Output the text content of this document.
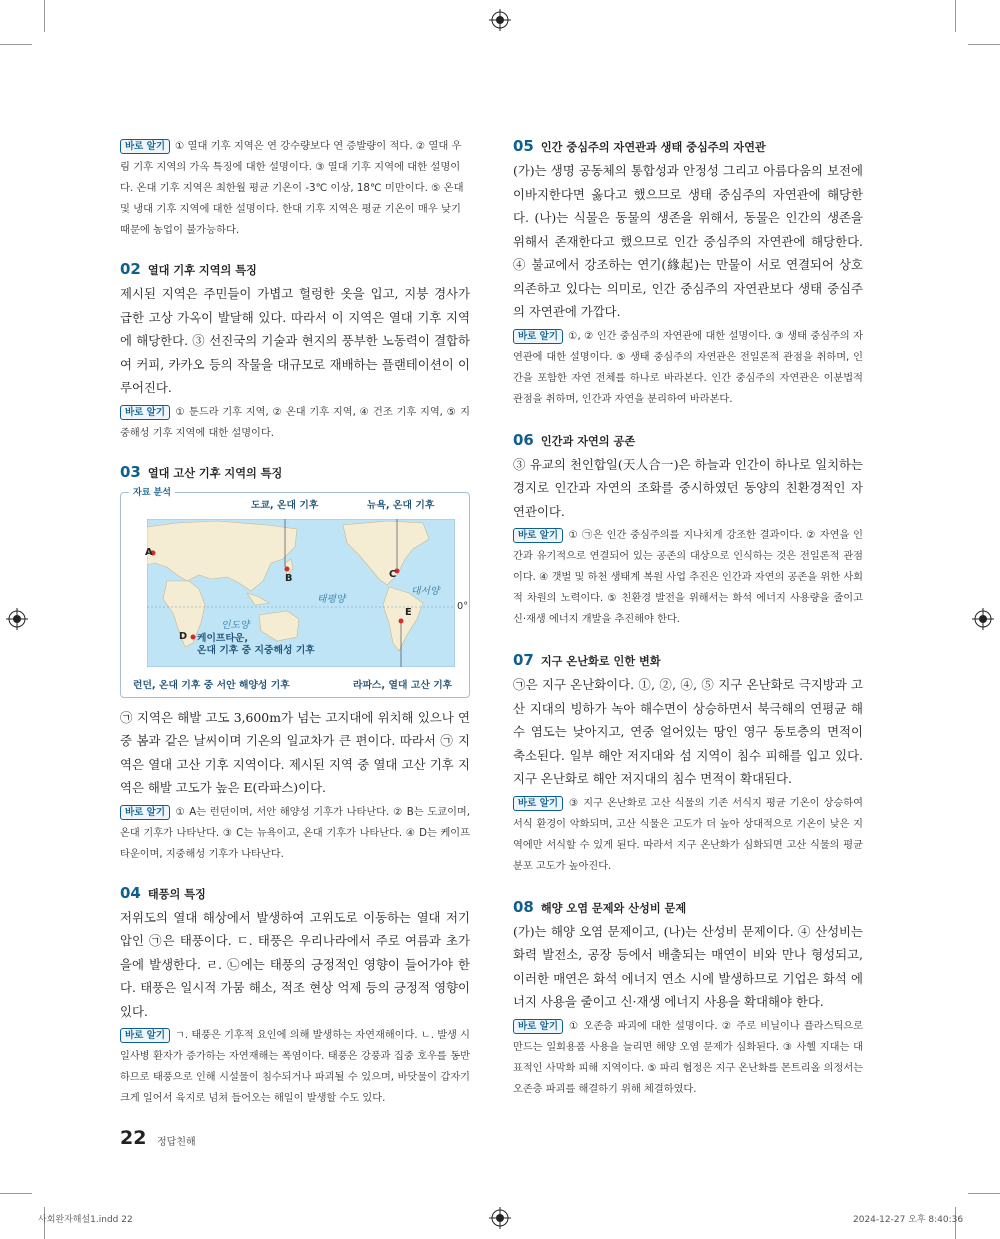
바로 알기 ① 열대 기후 지역은 연 강수량보다 연 증발량이 적다. ② 열대 우림 기후 지역의 가옥 특징에 대한 설명이다. ③ 열대 기후 지역에 대한 설명이다. 온대 기후 지역은 최한월 평균 기온이 -3℃ 이상, 18℃ 미만이다. ⑤ 온대 및 냉대 기후 지역에 대한 설명이다. 한대 기후 지역은 평균 기온이 매우 낮기 때문에 농업이 불가능하다.
02 열대 기후 지역의 특징
제시된 지역은 주민들이 가볍고 헐렁한 옷을 입고, 지붕 경사가 급한 고상 가옥이 발달해 있다. 따라서 이 지역은 열대 기후 지역에 해당한다. ③ 선진국의 기술과 현지의 풍부한 노동력이 결합하여 커피, 카카오 등의 작물을 대규모로 재배하는 플랜테이션이 이루어진다.
바로 알기 ① 툰드라 기후 지역, ② 온대 기후 지역, ④ 건조 기후 지역, ⑤ 지중해성 기후 지역에 대한 설명이다.
03 열대 고산 기후 지역의 특징
자료 분석
도쿄, 온대 기후	뉴욕, 온대 기후
A
B	C
D
E
태평양
대서양
인도양
0°
케이프타운,
온대 기후 중 지중해성 기후
런던, 온대 기후 중 서안 해양성 기후	라파스, 열대 고산 기후
㉠ 지역은 해발 고도 3,600m가 넘는 고지대에 위치해 있으나 연중 봄과 같은 날씨이며 기온의 일교차가 큰 편이다. 따라서 ㉠ 지역은 열대 고산 기후 지역이다. 제시된 지역 중 열대 고산 기후 지역은 해발 고도가 높은 E(라파스)이다.
바로 알기 ① A는 런던이며, 서안 해양성 기후가 나타난다. ② B는 도쿄이며, 온대 기후가 나타난다. ③ C는 뉴욕이고, 온대 기후가 나타난다. ④ D는 케이프타운이며, 지중해성 기후가 나타난다.
04 태풍의 특징
저위도의 열대 해상에서 발생하여 고위도로 이동하는 열대 저기압인 ㉠은 태풍이다. ㄷ. 태풍은 우리나라에서 주로 여름과 초가을에 발생한다. ㄹ. ㉡에는 태풍의 긍정적인 영향이 들어가야 한다. 태풍은 일시적 가뭄 해소, 적조 현상 억제 등의 긍정적 영향이 있다.
바로 알기 ㄱ. 태풍은 기후적 요인에 의해 발생하는 자연재해이다. ㄴ. 발생 시 일사병 환자가 증가하는 자연재해는 폭염이다. 태풍은 강풍과 집중 호우를 동반하므로 태풍으로 인해 시설물이 침수되거나 파괴될 수 있으며, 바닷물이 갑자기 크게 일어서 육지로 넘쳐 들어오는 해일이 발생할 수도 있다.
05 인간 중심주의 자연관과 생태 중심주의 자연관
(가)는 생명 공동체의 통합성과 안정성 그리고 아름다움의 보전에 이바지한다면 옳다고 했으므로 생태 중심주의 자연관에 해당한다. (나)는 식물은 동물의 생존을 위해서, 동물은 인간의 생존을 위해서 존재한다고 했으므로 인간 중심주의 자연관에 해당한다. ④ 불교에서 강조하는 연기(緣起)는 만물이 서로 연결되어 상호 의존하고 있다는 의미로, 인간 중심주의 자연관보다 생태 중심주의 자연관에 가깝다.
바로 알기 ①, ② 인간 중심주의 자연관에 대한 설명이다. ③ 생태 중심주의 자연관에 대한 설명이다. ⑤ 생태 중심주의 자연관은 전일론적 관점을 취하며, 인간을 포함한 자연 전체를 하나로 바라본다. 인간 중심주의 자연관은 이분법적 관점을 취하며, 인간과 자연을 분리하여 바라본다.
06 인간과 자연의 공존
③ 유교의 천인합일(天人合一)은 하늘과 인간이 하나로 일치하는 경지로 인간과 자연의 조화를 중시하였던 동양의 친환경적인 자연관이다.
바로 알기 ① ㉠은 인간 중심주의를 지나치게 강조한 결과이다. ② 자연을 인간과 유기적으로 연결되어 있는 공존의 대상으로 인식하는 것은 전일론적 관점이다. ④ 갯벌 및 하천 생태계 복원 사업 추진은 인간과 자연의 공존을 위한 사회적 차원의 노력이다. ⑤ 친환경 발전을 위해서는 화석 에너지 사용량을 줄이고 신·재생 에너지 개발을 추진해야 한다.
07 지구 온난화로 인한 변화
㉠은 지구 온난화이다. ①, ②, ④, ⑤ 지구 온난화로 극지방과 고산 지대의 빙하가 녹아 해수면이 상승하면서 북극해의 연평균 해수 염도는 낮아지고, 연중 얼어있는 땅인 영구 동토층의 면적이 축소된다. 일부 해안 저지대와 섬 지역이 침수 피해를 입고 있다. 지구 온난화로 해안 저지대의 침수 면적이 확대된다.
바로 알기 ③ 지구 온난화로 고산 식물의 기존 서식지 평균 기온이 상승하여 서식 환경이 악화되며, 고산 식물은 고도가 더 높아 상대적으로 기온이 낮은 지역에만 서식할 수 있게 된다. 따라서 지구 온난화가 심화되면 고산 식물의 평균 분포 고도가 높아진다.
08 해양 오염 문제와 산성비 문제
(가)는 해양 오염 문제이고, (나)는 산성비 문제이다. ④ 산성비는 화력 발전소, 공장 등에서 배출되는 매연이 비와 만나 형성되고, 이러한 매연은 화석 에너지 연소 시에 발생하므로 기업은 화석 에너지 사용을 줄이고 신·재생 에너지 사용을 확대해야 한다.
바로 알기 ① 오존층 파괴에 대한 설명이다. ② 주로 비닐이나 플라스틱으로 만드는 일회용품 사용을 늘리면 해양 오염 문제가 심화된다. ③ 사헬 지대는 대표적인 사막화 피해 지역이다. ⑤ 파리 협정은 지구 온난화를 몬트리올 의정서는 오존층 파괴를 해결하기 위해 체결하였다.
22 정답친해
사회완자해설1.indd 22	2024-12-27 오후 8:40:36
